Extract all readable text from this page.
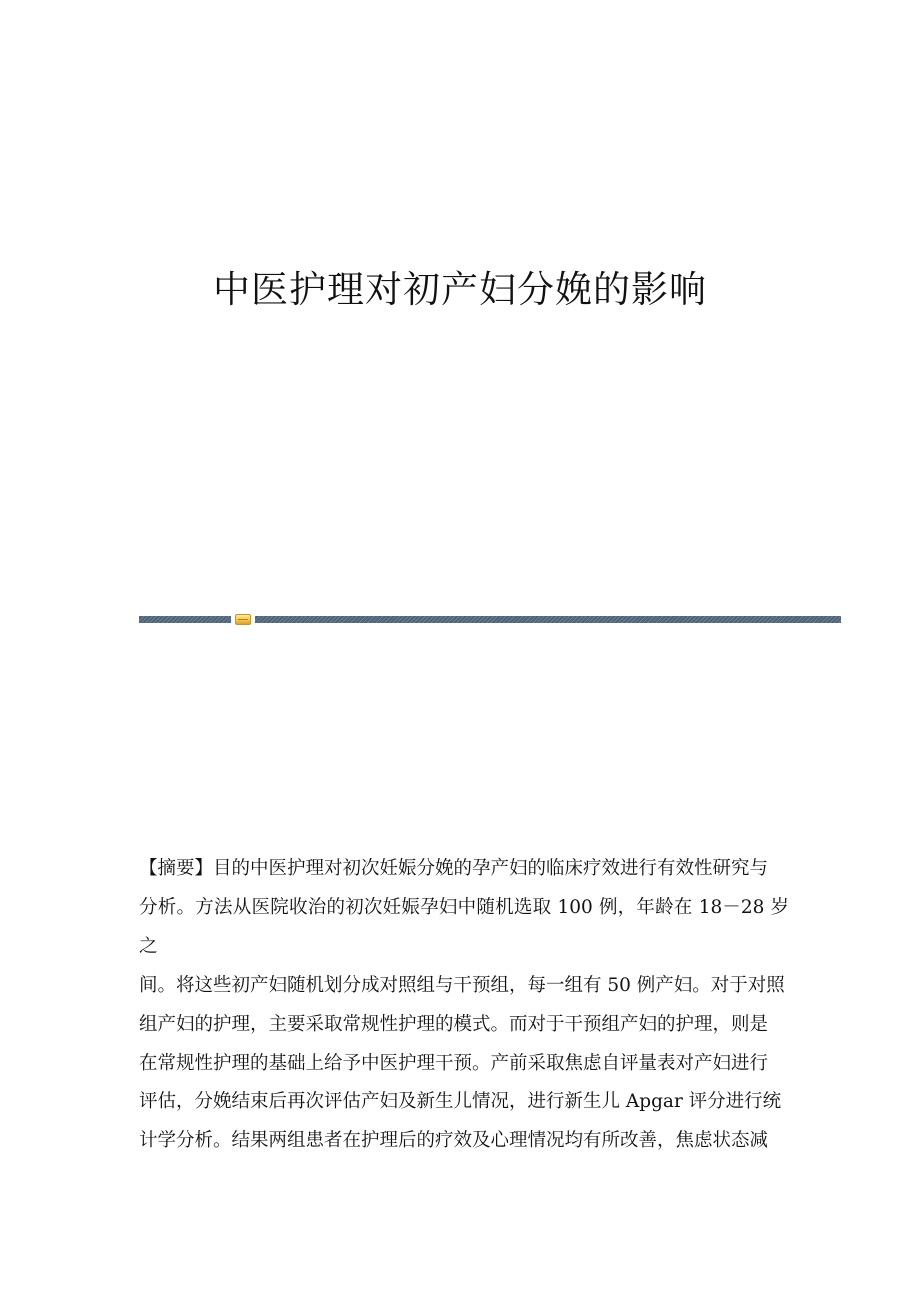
中医护理对初产妇分娩的影响
【摘要】目的中医护理对初次妊娠分娩的孕产妇的临床疗效进行有效性研究与
分析。方法从医院收治的初次妊娠孕妇中随机选取 100 例，年龄在 18－28 岁之
间。将这些初产妇随机划分成对照组与干预组，每一组有 50 例产妇。对于对照
组产妇的护理，主要采取常规性护理的模式。而对于干预组产妇的护理，则是
在常规性护理的基础上给予中医护理干预。产前采取焦虑自评量表对产妇进行
评估，分娩结束后再次评估产妇及新生儿情况，进行新生儿 Apgar 评分进行统
计学分析。结果两组患者在护理后的疗效及心理情况均有所改善，焦虑状态减
